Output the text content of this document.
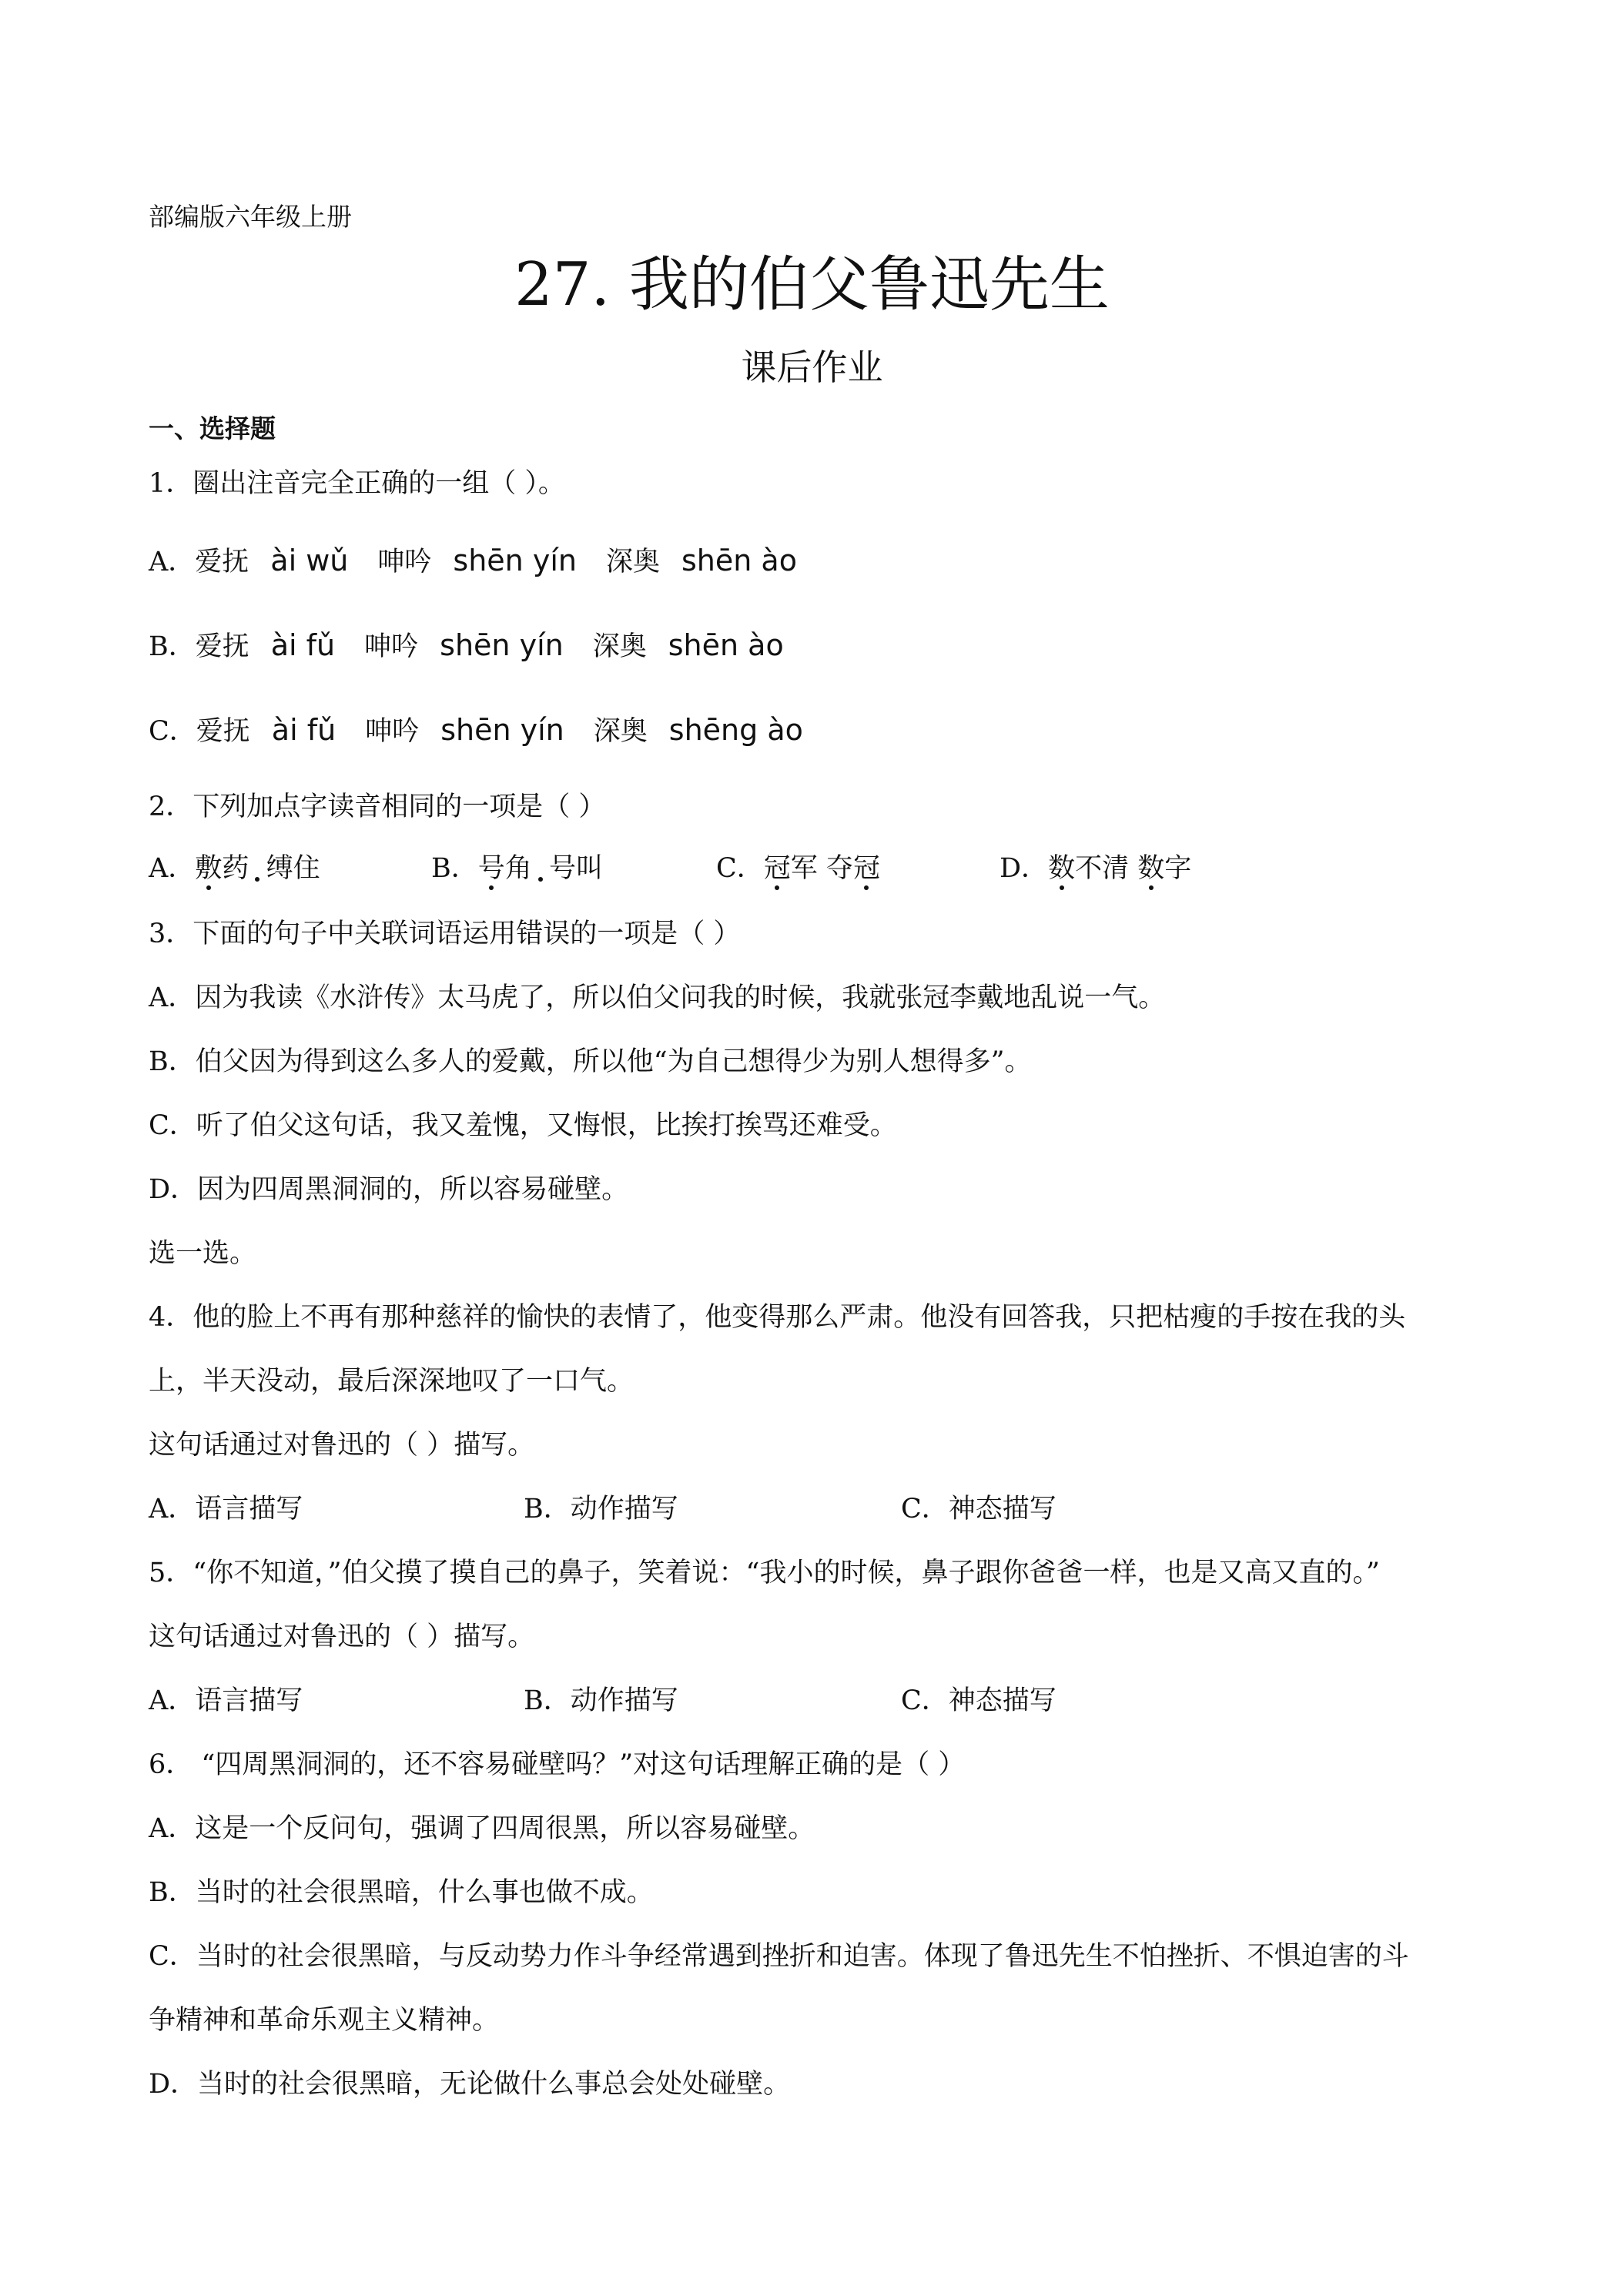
部编版六年级上册
27. 我的伯父鲁迅先生
课后作业
一、选择题
1．圈出注音完全正确的一组（ ）。
A．爱抚 ài wǔ 呻吟 shēn yín 深奥 shēn ào
B．爱抚 ài fǔ 呻吟 shēn yín 深奥 shēn ào
C．爱抚 ài fǔ 呻吟 shēn yín 深奥 shēng ào
2．下列加点字读音相同的一项是（ ）
A．敷药 缚住	B．号角 号叫	C．冠军 夺冠	D．数不清 数字
3．下面的句子中关联词语运用错误的一项是（ ）
A．因为我读《水浒传》太马虎了，所以伯父问我的时候，我就张冠李戴地乱说一气。
B．伯父因为得到这么多人的爱戴，所以他“为自己想得少为别人想得多”。
C．听了伯父这句话，我又羞愧，又悔恨，比挨打挨骂还难受。
D．因为四周黑洞洞的，所以容易碰壁。
选一选。
4．他的脸上不再有那种慈祥的愉快的表情了，他变得那么严肃。他没有回答我，只把枯瘦的手按在我的头
上，半天没动，最后深深地叹了一口气。
这句话通过对鲁迅的（ ）描写。
A．语言描写	B．动作描写	C．神态描写
5．“你不知道，”伯父摸了摸自己的鼻子，笑着说：“我小的时候，鼻子跟你爸爸一样，也是又高又直的。”
这句话通过对鲁迅的（ ）描写。
A．语言描写	B．动作描写	C．神态描写
6． “四周黑洞洞的，还不容易碰壁吗？”对这句话理解正确的是（ ）
A．这是一个反问句，强调了四周很黑，所以容易碰壁。
B．当时的社会很黑暗，什么事也做不成。
C．当时的社会很黑暗，与反动势力作斗争经常遇到挫折和迫害。体现了鲁迅先生不怕挫折、不惧迫害的斗
争精神和革命乐观主义精神。
D．当时的社会很黑暗，无论做什么事总会处处碰壁。
